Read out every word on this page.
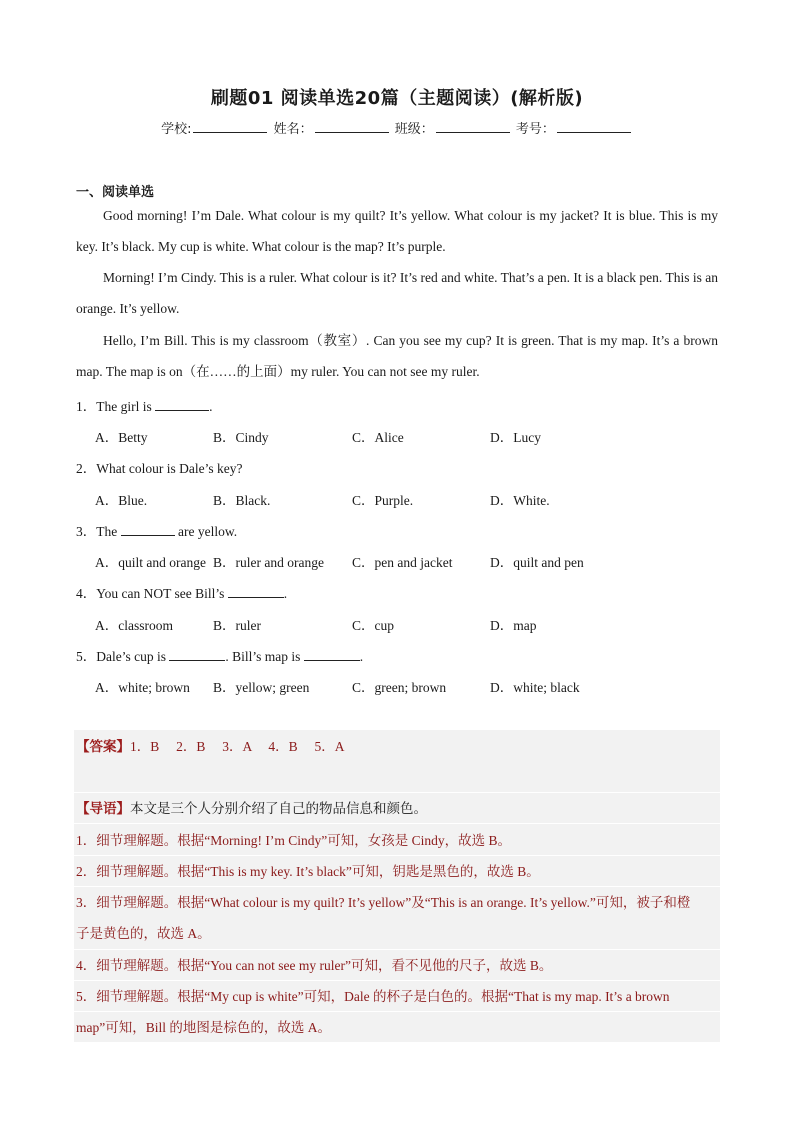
刷题01 阅读单选20篇（主题阅读）(解析版)
学校:	姓名：	班级：	考号：
一、阅读单选
Good morning! I’m Dale. What colour is my quilt? It’s yellow. What colour is my jacket? It is blue. This is my key. It’s black. My cup is white. What colour is the map? It’s purple.
Morning! I’m Cindy. This is a ruler. What colour is it? It’s red and white. That’s a pen. It is a black pen. This is an orange. It’s yellow.
Hello, I’m Bill. This is my classroom（教室）. Can you see my cup? It is green. That is my map. It’s a brown map. The map is on（在……的上面）my ruler. You can not see my ruler.
1．The girl is	.
A．Betty	B．Cindy	C．Alice	D．Lucy
2．What colour is Dale’s key?
A．Blue.	B．Black.	C．Purple.	D．White.
3．The	are yellow.
A．quilt and orange B．ruler and orange C．pen and jacket	D．quilt and pen
4．You can NOT see Bill’s	.
A．classroom	B．ruler	C．cup	D．map
5．Dale’s cup is	. Bill’s map is	.
A．white; brown B．yellow; green	C．green; brown	D．white; black
【答案】1．B　 2．B　 3．A　 4．B　 5．A
【导语】本文是三个人分别介绍了自己的物品信息和颜色。
1．细节理解题。根据“Morning! I’m Cindy”可知，女孩是 Cindy，故选 B。
2．细节理解题。根据“This is my key. It’s black”可知，钥匙是黑色的，故选 B。
3．细节理解题。根据“What colour is my quilt? It’s yellow”及“This is an orange. It’s yellow.”可知，被子和橙
子是黄色的，故选 A。
4．细节理解题。根据“You can not see my ruler”可知，看不见他的尺子，故选 B。
5．细节理解题。根据“My cup is white”可知，Dale 的杯子是白色的。根据“That is my map. It’s a brown
map”可知，Bill 的地图是棕色的，故选 A。
